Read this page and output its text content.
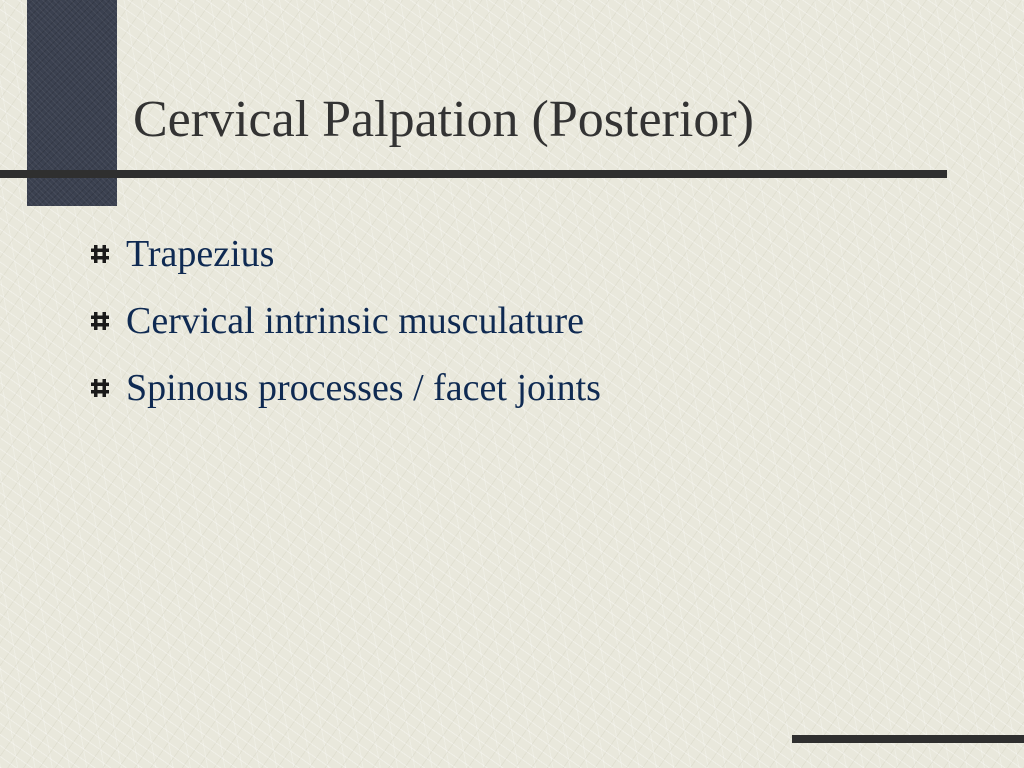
Cervical Palpation (Posterior)
Trapezius
Cervical intrinsic musculature
Spinous processes / facet joints
